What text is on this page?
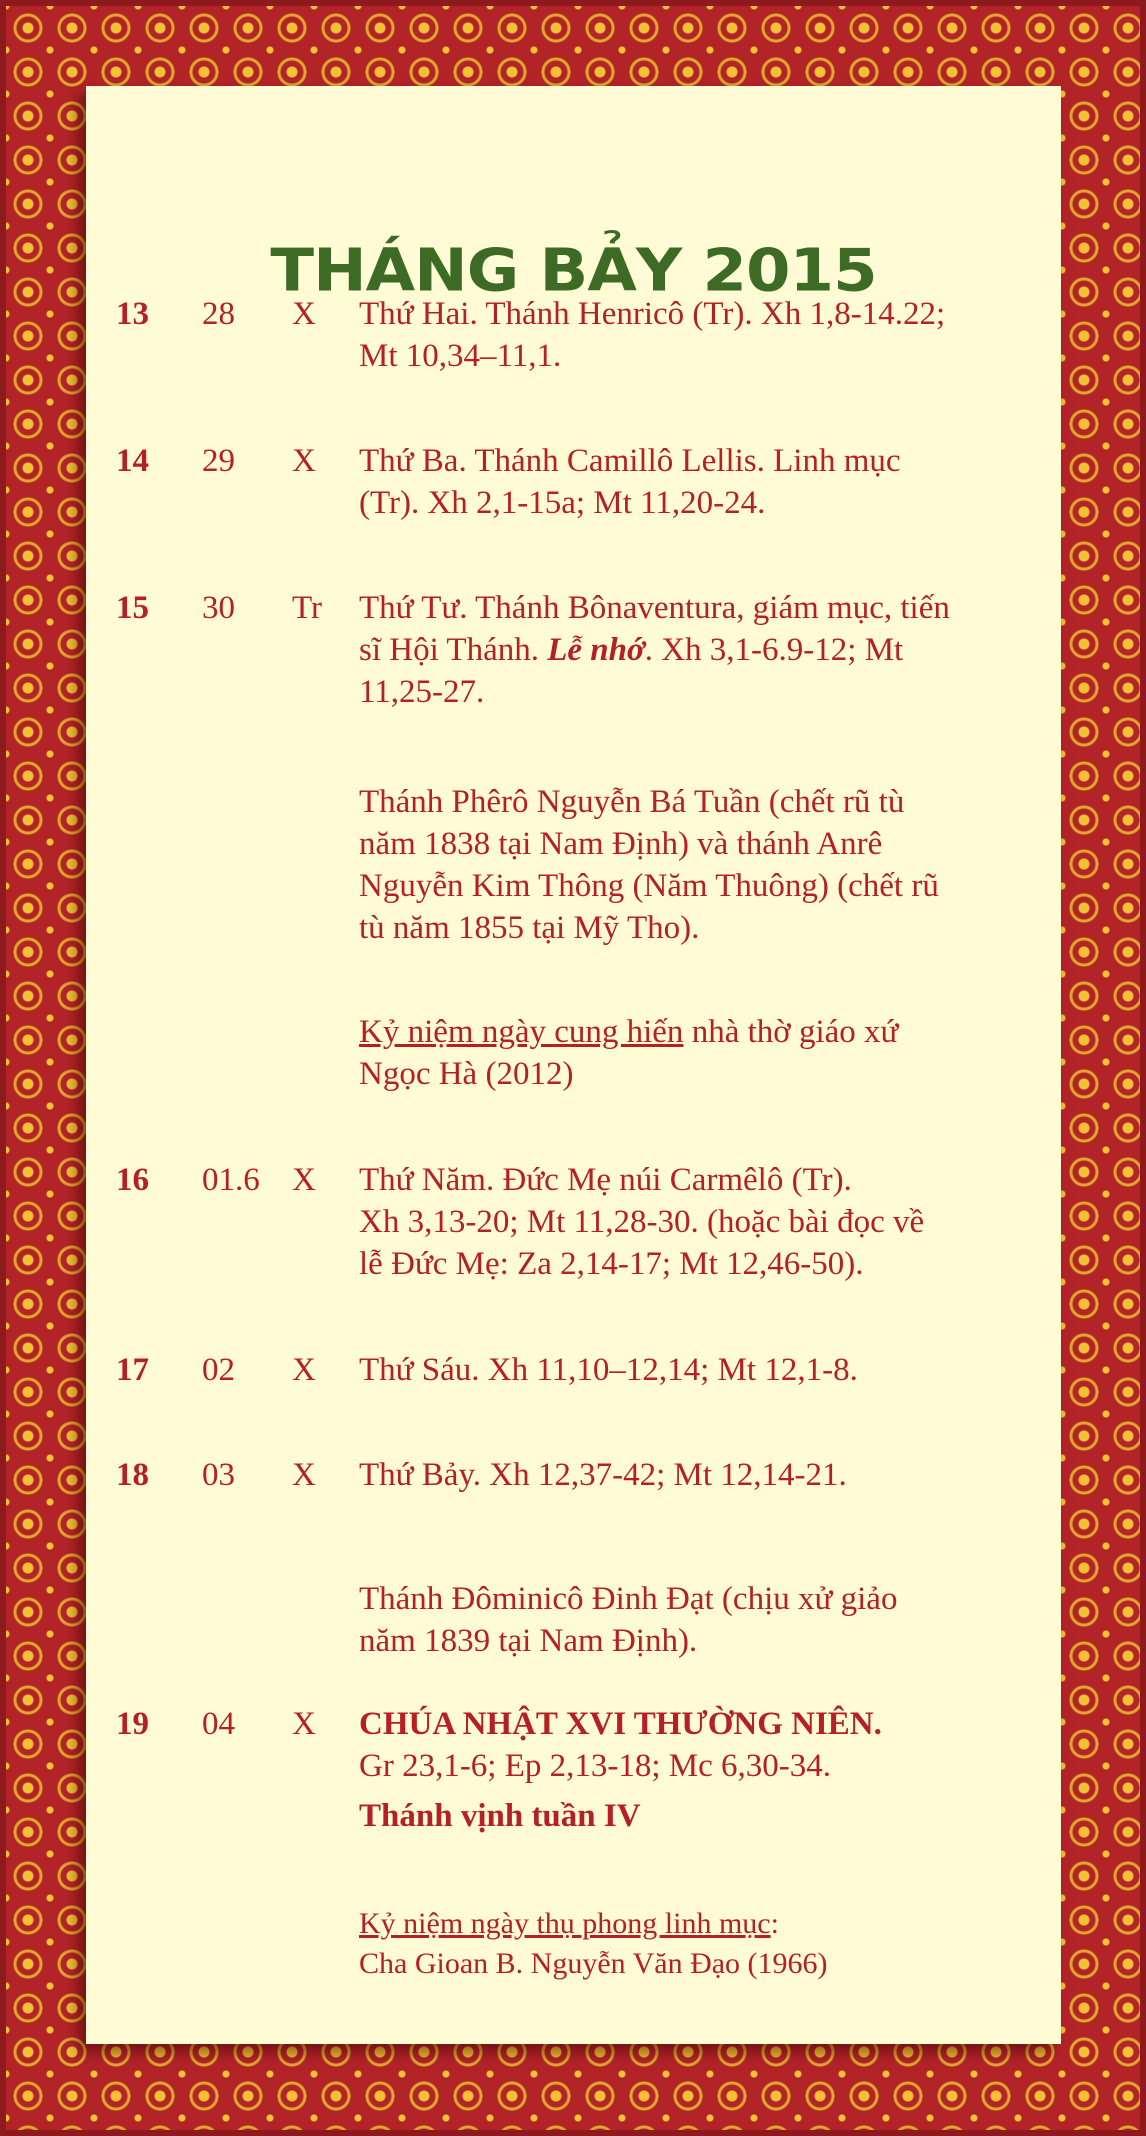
THÁNG BẢY 2015
13 28 X Thứ Hai. Thánh Henricô (Tr). Xh 1,8-14.22;

Mt 10,34–11,1.

14 29 X Thứ Ba. Thánh Camillô Lellis. Linh mục

(Tr). Xh 2,1-15a; Mt 11,20-24.

15 30 Tr Thứ Tư. Thánh Bônaventura, giám mục, tiến

sĩ Hội Thánh. Lễ nhớ. Xh 3,1-6.9-12; Mt

11,25-27.

Thánh Phêrô Nguyễn Bá Tuần (chết rũ tù

năm 1838 tại Nam Định) và thánh Anrê

Nguyễn Kim Thông (Năm Thuông) (chết rũ

tù năm 1855 tại Mỹ Tho).

Kỷ niệm ngày cung hiến nhà thờ giáo xứ

Ngọc Hà (2012)

16 01.6 X Thứ Năm. Đức Mẹ núi Carmêlô (Tr).

Xh 3,13-20; Mt 11,28-30. (hoặc bài đọc về

lễ Đức Mẹ: Za 2,14-17; Mt 12,46-50).

17 02 X Thứ Sáu. Xh 11,10–12,14; Mt 12,1-8.

18 03 X Thứ Bảy. Xh 12,37-42; Mt 12,14-21.

Thánh Đôminicô Đinh Đạt (chịu xử giảo

năm 1839 tại Nam Định).

19 04 X CHÚA NHẬT XVI THƯỜNG NIÊN.

Gr 23,1-6; Ep 2,13-18; Mc 6,30-34.

Thánh vịnh tuần IV

Kỷ niệm ngày thụ phong linh mục:

Cha Gioan B. Nguyễn Văn Đạo (1966)
